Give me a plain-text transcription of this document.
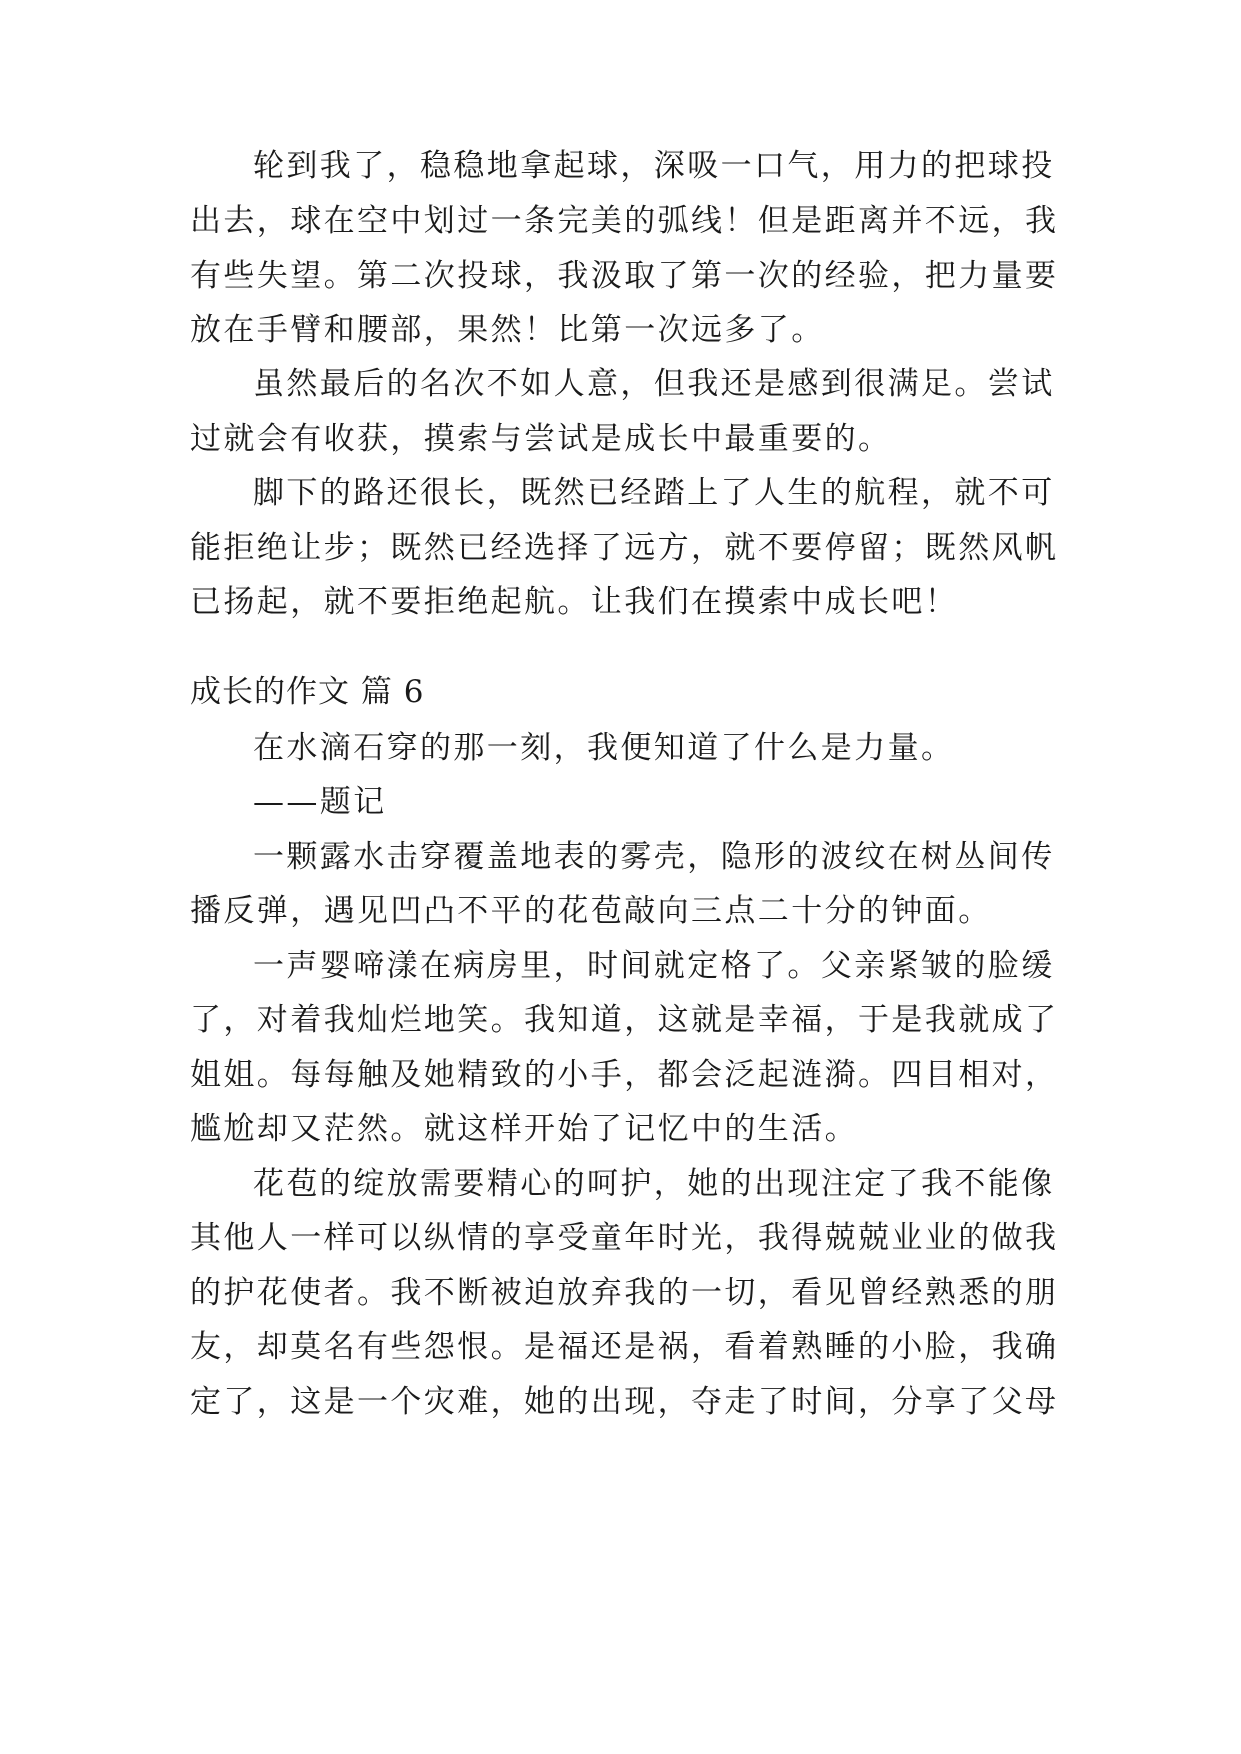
轮到我了，稳稳地拿起球，深吸一口气，用力的把球投
出去，球在空中划过一条完美的弧线！但是距离并不远，我
有些失望。第二次投球，我汲取了第一次的经验，把力量要
放在手臂和腰部，果然！比第一次远多了。
虽然最后的名次不如人意，但我还是感到很满足。尝试
过就会有收获，摸索与尝试是成长中最重要的。
脚下的路还很长，既然已经踏上了人生的航程，就不可
能拒绝让步；既然已经选择了远方，就不要停留；既然风帆
已扬起，就不要拒绝起航。让我们在摸索中成长吧！
成长的作文 篇 6
在水滴石穿的那一刻，我便知道了什么是力量。
——题记
一颗露水击穿覆盖地表的雾壳，隐形的波纹在树丛间传
播反弹，遇见凹凸不平的花苞敲向三点二十分的钟面。
一声婴啼漾在病房里，时间就定格了。父亲紧皱的脸缓
了，对着我灿烂地笑。我知道，这就是幸福，于是我就成了
姐姐。每每触及她精致的小手，都会泛起涟漪。四目相对，
尴尬却又茫然。就这样开始了记忆中的生活。
花苞的绽放需要精心的呵护，她的出现注定了我不能像
其他人一样可以纵情的享受童年时光，我得兢兢业业的做我
的护花使者。我不断被迫放弃我的一切，看见曾经熟悉的朋
友，却莫名有些怨恨。是福还是祸，看着熟睡的小脸，我确
定了，这是一个灾难，她的出现，夺走了时间，分享了父母
